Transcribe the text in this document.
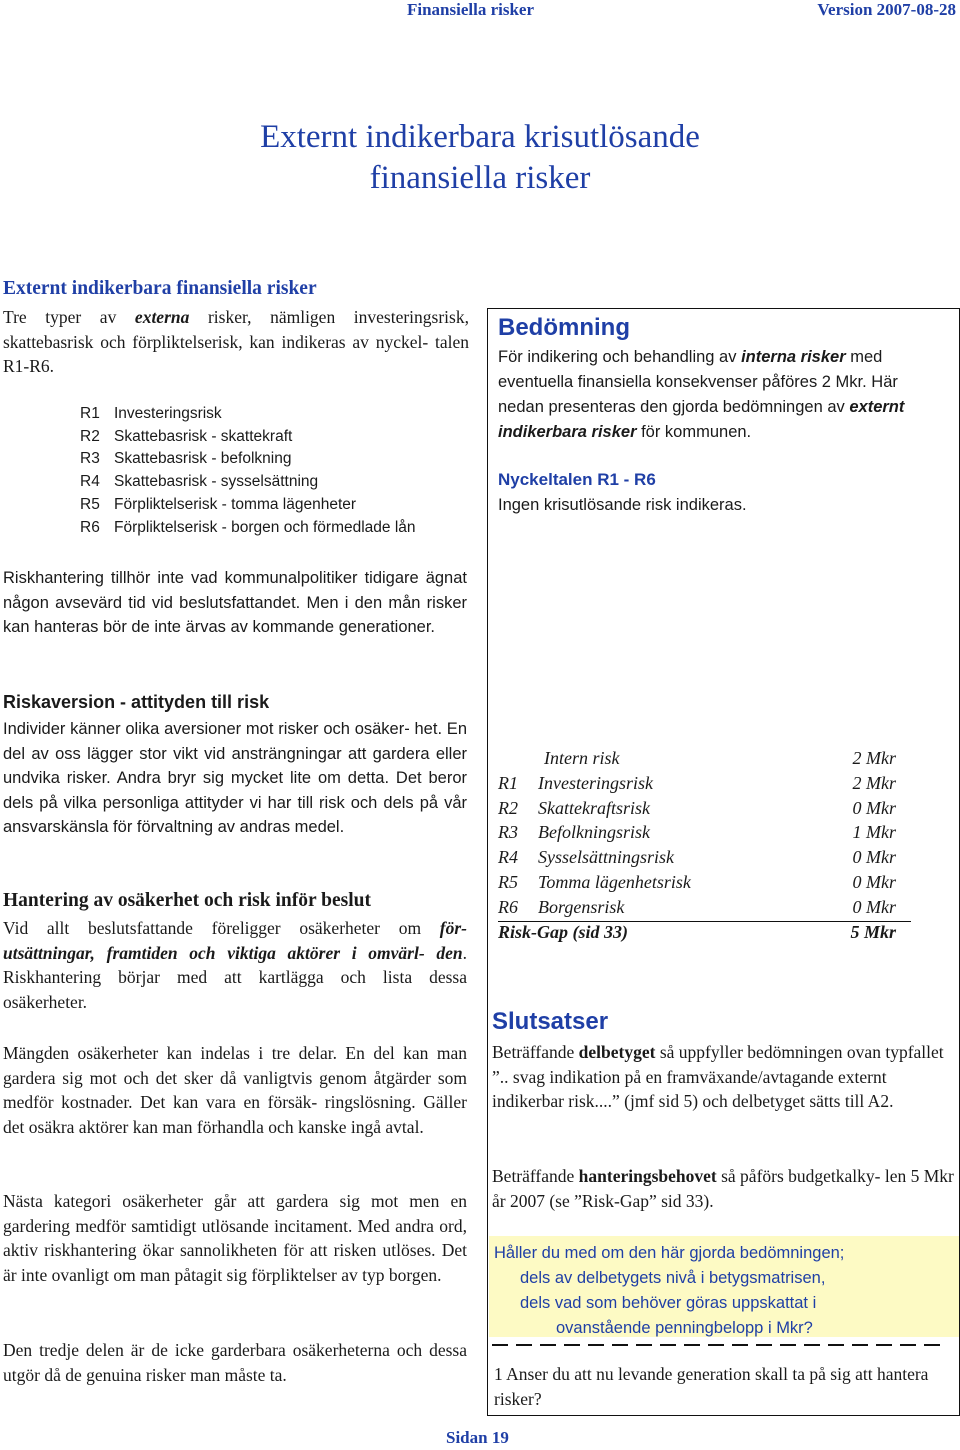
Finansiella risker	Version 2007-08-28
Externt indikerbara krisutlösande
finansiella risker
Externt indikerbara finansiella risker
Tre typer av externa risker, nämligen investeringsrisk, skattebasrisk och förpliktelserisk, kan indikeras av nyckel- talen R1-R6.
R1 Investeringsrisk
R2 Skattebasrisk - skattekraft
R3 Skattebasrisk - befolkning
R4 Skattebasrisk - sysselsättning
R5 Förpliktelserisk - tomma lägenheter
R6 Förpliktelserisk - borgen och förmedlade lån
Riskhantering tillhör inte vad kommunalpolitiker tidigare ägnat någon avsevärd tid vid beslutsfattandet. Men i den mån risker kan hanteras bör de inte ärvas av kommande generationer.
Riskaversion - attityden till risk
Individer känner olika aversioner mot risker och osäker- het. En del av oss lägger stor vikt vid ansträngningar att gardera eller undvika risker. Andra bryr sig mycket lite om detta. Det beror dels på vilka personliga attityder vi har till risk och dels på vår ansvarskänsla för förvaltning av andras medel.
Hantering av osäkerhet och risk inför beslut
Vid allt beslutsfattande föreligger osäkerheter om för- utsättningar, framtiden och viktiga aktörer i omvärl- den. Riskhantering börjar med att kartlägga och lista dessa osäkerheter.
Mängden osäkerheter kan indelas i tre delar. En del kan man gardera sig mot och det sker då vanligtvis genom åtgärder som medför kostnader. Det kan vara en försäk- ringslösning. Gäller det osäkra aktörer kan man förhandla och kanske ingå avtal.
Nästa kategori osäkerheter går att gardera sig mot men en gardering medför samtidigt utlösande incitament. Med andra ord, aktiv riskhantering ökar sannolikheten för att risken utlöses. Det är inte ovanligt om man påtagit sig förpliktelser av typ borgen.
Den tredje delen är de icke garderbara osäkerheterna och dessa utgör då de genuina risker man måste ta.
Bedömning
För indikering och behandling av interna risker med eventuella finansiella konsekvenser påföres 2 Mkr. Här nedan presenteras den gjorda bedömningen av externt indikerbara risker för kommunen.
Nyckeltalen R1 - R6
Ingen krisutlösande risk indikeras.
Intern risk	2 Mkr
R1 Investeringsrisk	2 Mkr
R2 Skattekraftsrisk	0 Mkr
R3 Befolkningsrisk	1 Mkr
R4 Sysselsättningsrisk	0 Mkr
R5 Tomma lägenhetsrisk	0 Mkr
R6 Borgensrisk	0 Mkr
Risk-Gap (sid 33)	5 Mkr
Slutsatser
Beträffande delbetyget så uppfyller bedömningen ovan typfallet ”.. svag indikation på en framväxande/avtagande externt indikerbar risk....” (jmf sid 5) och delbetyget sätts till A2.
Beträffande hanteringsbehovet så påförs budgetkalky- len 5 Mkr år 2007 (se ”Risk-Gap” sid 33).
Håller du med om den här gjorda bedömningen;
dels av delbetygets nivå i betygsmatrisen,
dels vad som behöver göras uppskattat i
ovanstående penningbelopp i Mkr?
1 Anser du att nu levande generation skall ta på sig att hantera risker?
Sidan 19
